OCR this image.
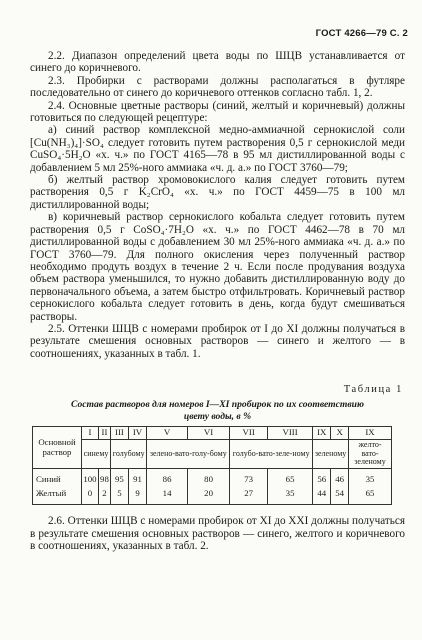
ГОСТ 4266—79 С. 2

2.2. Диапазон определений цвета воды по ШЦВ устанавливается от синего до коричневого.

2.3. Пробирки с растворами должны располагаться в футляре последовательно от синего до коричневого оттенков согласно табл. 1, 2.

2.4. Основные цветные растворы (синий, желтый и коричневый) должны готовиться по следующей рецептуре:

а) синий раствор комплексной медно-аммиачной сернокислой соли [Cu(NH₃)₄]·SO₄ следует готовить путем растворения 0,5 г сернокислой меди CuSO₄·5H₂O «х. ч.» по ГОСТ 4165—78 в 95 мл дистиллированной воды с добавлением 5 мл 25%-ного аммиака «ч. д. а.» по ГОСТ 3760—79;

б) желтый раствор хромовокислого калия следует готовить путем растворения 0,5 г K₂CrO₄ «х. ч.» по ГОСТ 4459—75 в 100 мл дистиллированной воды;

в) коричневый раствор сернокислого кобальта следует готовить путем растворения 0,5 г CoSO₄·7H₂O «х. ч.» по ГОСТ 4462—78 в 70 мл дистиллированной воды с добавлением 30 мл 25%-ного аммиака «ч. д. а.» по ГОСТ 3760—79. Для полного окисления через полученный раствор необходимо продуть воздух в течение 2 ч. Если после продувания воздуха объем раствора уменьшился, то нужно добавить дистиллированную воду до первоначального объема, а затем быстро отфильтровать. Коричневый раствор сернокислого кобальта следует готовить в день, когда будут смешиваться растворы.

2.5. Оттенки ШЦВ с номерами пробирок от I до XI должны получаться в результате смешения основных растворов — синего и желтого — в соотношениях, указанных в табл. 1.

Таблица 1
Состав растворов для номеров I—XI пробирок по их соответствию
цвету воды, в %
Основной раствор	I	II	III	IV	V	VI	VII	VIII	IX	X	IX
	синему		голубому		зелено-вато-голу-бому		голубо-вато-зеле-ному		зеленому		желто-вато-зеленому
Синий	100	98	95	91	86	80	73	65	56	46	35
Желтый	0	2	5	9	14	20	27	35	44	54	65

2.6. Оттенки ШЦВ с номерами пробирок от XI до XXI должны получаться в результате смешения основных растворов — синего, желтого и коричневого в соотношениях, указанных в табл. 2.
